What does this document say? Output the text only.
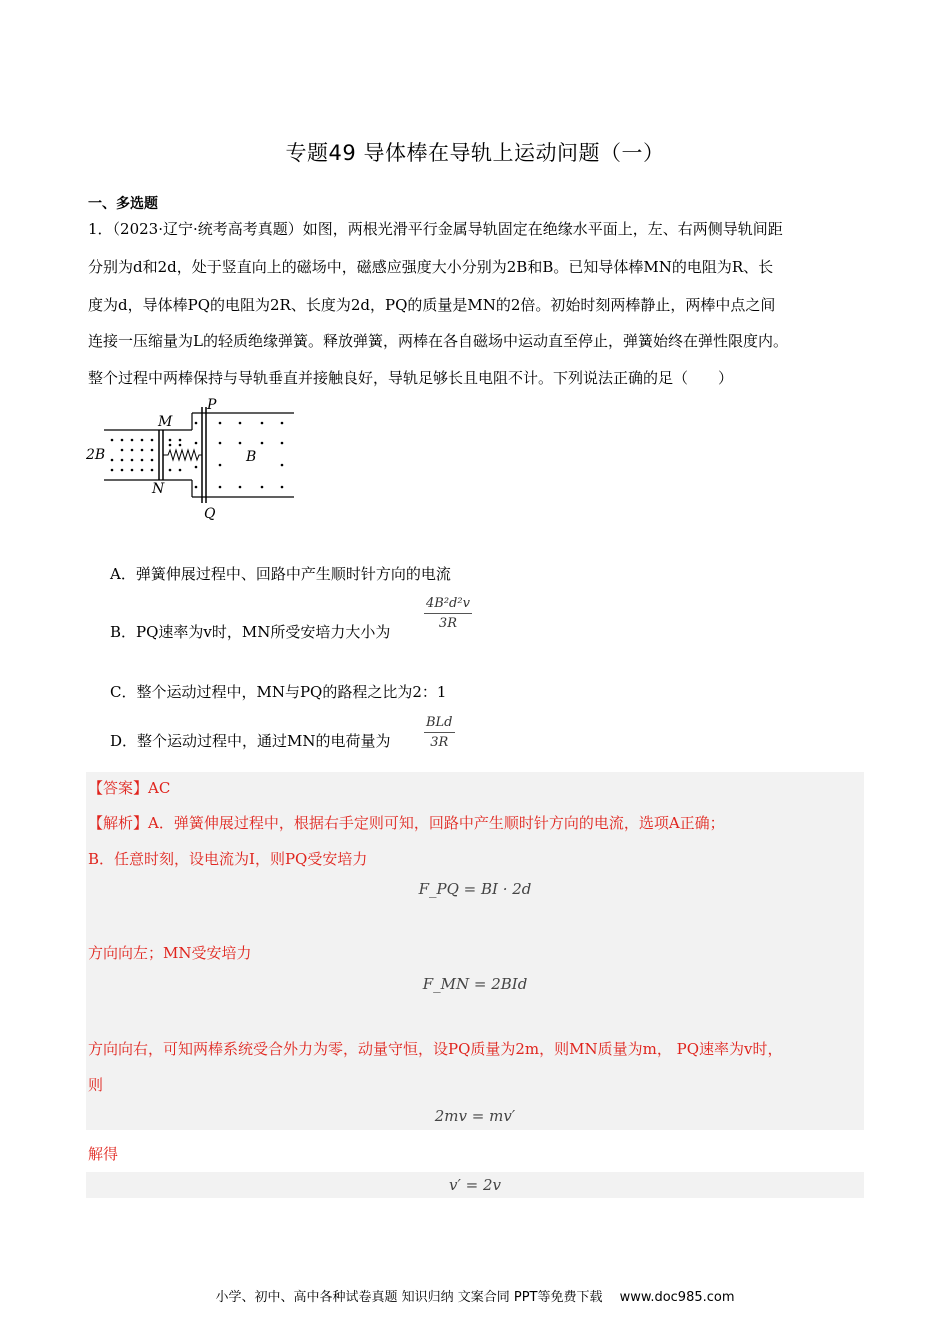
专题49 导体棒在导轨上运动问题（一）
一、多选题
1．（2023·辽宁·统考高考真题）如图，两根光滑平行金属导轨固定在绝缘水平面上，左、右两侧导轨间距
分别为d和2d，处于竖直向上的磁场中，磁感应强度大小分别为2B和B。已知导体棒MN的电阻为R、长
度为d，导体棒PQ的电阻为2R、长度为2d，PQ的质量是MN的2倍。初始时刻两棒静止，两棒中点之间
连接一压缩量为L的轻质绝缘弹簧。释放弹簧，两棒在各自磁场中运动直至停止，弹簧始终在弹性限度内。
整个过程中两棒保持与导轨垂直并接触良好，导轨足够长且电阻不计。下列说法正确的足（　　）
P
M
N
Q
2B	B
A．弹簧伸展过程中、回路中产生顺时针方向的电流
B．PQ速率为v时，MN所受安培力大小为
4B²d²v
3R
C．整个运动过程中，MN与PQ的路程之比为2：1
D．整个运动过程中，通过MN的电荷量为
BLd
3R
【答案】AC
【解析】A．弹簧伸展过程中，根据右手定则可知，回路中产生顺时针方向的电流，选项A正确；
B．任意时刻，设电流为I，则PQ受安培力
F_PQ = BI · 2d
方向向左；MN受安培力
F_MN = 2BId
方向向右，可知两棒系统受合外力为零，动量守恒，设PQ质量为2m，则MN质量为m， PQ速率为v时，
则
2mv = mv′
解得
v′ = 2v
小学、初中、高中各种试卷真题 知识归纳 文案合同 PPT等免费下载　 www.doc985.com
